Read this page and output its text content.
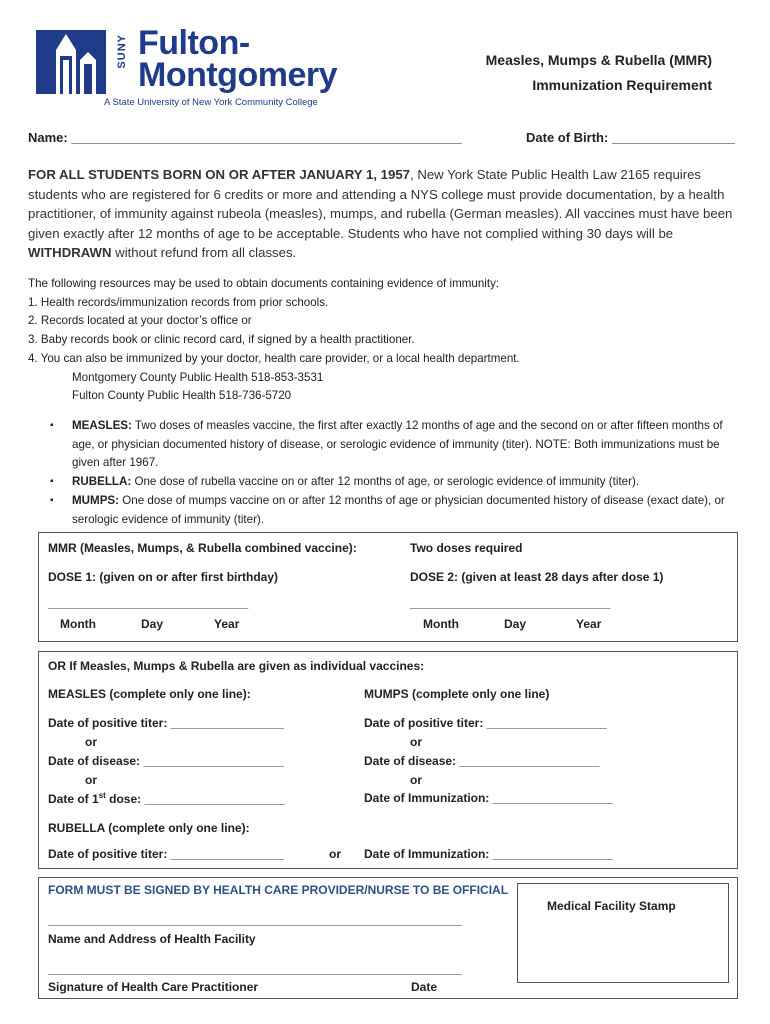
SUNY Fulton-
Montgomery
A State University of New York Community College
Measles, Mumps & Rubella (MMR)
Immunization Requirement
Name: ______________________________________________________	Date of Birth: _________________
FOR ALL STUDENTS BORN ON OR AFTER JANUARY 1, 1957, New York State Public Health Law 2165 requires students who are registered for 6 credits or more and attending a NYS college must provide documentation, by a health practitioner, of immunity against rubeola (measles), mumps, and rubella (German measles). All vaccines must have been given exactly after 12 months of age to be acceptable. Students who have not complied withing 30 days will be WITHDRAWN without refund from all classes.
The following resources may be used to obtain documents containing evidence of immunity:
1. Health records/immunization records from prior schools.
2. Records located at your doctor’s office or
3. Baby records book or clinic record card, if signed by a health practitioner.
4. You can also be immunized by your doctor, health care provider, or a local health department.
Montgomery County Public Health 518-853-3531
Fulton County Public Health 518-736-5720
▪ MEASLES: Two doses of measles vaccine, the first after exactly 12 months of age and the second on or after fifteen months of age, or physician documented history of disease, or serologic evidence of immunity (titer). NOTE: Both immunizations must be given after 1967.
▪ RUBELLA: One dose of rubella vaccine on or after 12 months of age, or serologic evidence of immunity (titer).
▪ MUMPS: One dose of mumps vaccine on or after 12 months of age or physician documented history of disease (exact date), or serologic evidence of immunity (titer).
MMR (Measles, Mumps, & Rubella combined vaccine):	Two doses required
DOSE 1: (given on or after first birthday)	DOSE 2: (given at least 28 days after dose 1)
______________________________	______________________________
Month	Day	Year	Month	Day	Year
OR If Measles, Mumps & Rubella are given as individual vaccines:
MEASLES (complete only one line):	MUMPS (complete only one line)
Date of positive titer: _________________	Date of positive titer: __________________
or	or
Date of disease: _____________________	Date of disease: _____________________
or	or
Date of 1st dose: _____________________	Date of Immunization: __________________
RUBELLA (complete only one line):
Date of positive titer: _________________	or Date of Immunization: __________________
FORM MUST BE SIGNED BY HEALTH CARE PROVIDER/NURSE TO BE OFFICIAL
______________________________________________________________
Name and Address of Health Facility
______________________________________________________________
Signature of Health Care Practitioner	Date
Medical Facility Stamp
